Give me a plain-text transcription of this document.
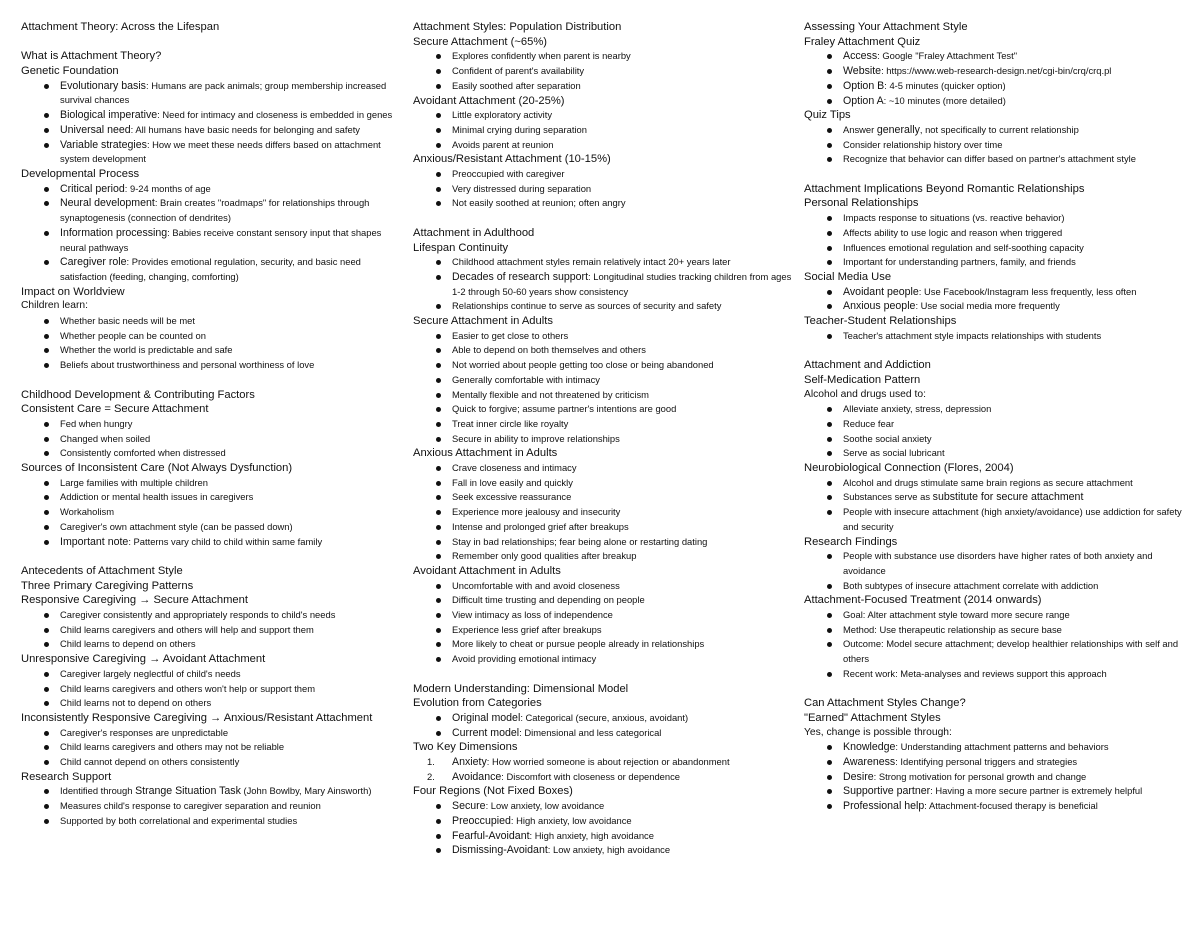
Attachment Theory: Across the Lifespan
What is Attachment Theory?
Genetic Foundation
Evolutionary basis: Humans are pack animals; group membership increased survival chances
Biological imperative: Need for intimacy and closeness is embedded in genes
Universal need: All humans have basic needs for belonging and safety
Variable strategies: How we meet these needs differs based on attachment system development
Developmental Process
Critical period: 9-24 months of age
Neural development: Brain creates "roadmaps" for relationships through synaptogenesis (connection of dendrites)
Information processing: Babies receive constant sensory input that shapes neural pathways
Caregiver role: Provides emotional regulation, security, and basic need satisfaction (feeding, changing, comforting)
Impact on Worldview
Children learn:
Whether basic needs will be met
Whether people can be counted on
Whether the world is predictable and safe
Beliefs about trustworthiness and personal worthiness of love
Childhood Development & Contributing Factors
Consistent Care = Secure Attachment
Fed when hungry
Changed when soiled
Consistently comforted when distressed
Sources of Inconsistent Care (Not Always Dysfunction)
Large families with multiple children
Addiction or mental health issues in caregivers
Workaholism
Caregiver's own attachment style (can be passed down)
Important note: Patterns vary child to child within same family
Antecedents of Attachment Style
Three Primary Caregiving Patterns
Responsive Caregiving → Secure Attachment
Caregiver consistently and appropriately responds to child's needs
Child learns caregivers and others will help and support them
Child learns to depend on others
Unresponsive Caregiving → Avoidant Attachment
Caregiver largely neglectful of child's needs
Child learns caregivers and others won't help or support them
Child learns not to depend on others
Inconsistently Responsive Caregiving → Anxious/Resistant Attachment
Caregiver's responses are unpredictable
Child learns caregivers and others may not be reliable
Child cannot depend on others consistently
Research Support
Identified through Strange Situation Task (John Bowlby, Mary Ainsworth)
Measures child's response to caregiver separation and reunion
Supported by both correlational and experimental studies
Attachment Styles: Population Distribution
Secure Attachment (~65%)
Explores confidently when parent is nearby
Confident of parent's availability
Easily soothed after separation
Avoidant Attachment (20-25%)
Little exploratory activity
Minimal crying during separation
Avoids parent at reunion
Anxious/Resistant Attachment (10-15%)
Preoccupied with caregiver
Very distressed during separation
Not easily soothed at reunion; often angry
Attachment in Adulthood
Lifespan Continuity
Childhood attachment styles remain relatively intact 20+ years later
Decades of research support: Longitudinal studies tracking children from ages 1-2 through 50-60 years show consistency
Relationships continue to serve as sources of security and safety
Secure Attachment in Adults
Easier to get close to others
Able to depend on both themselves and others
Not worried about people getting too close or being abandoned
Generally comfortable with intimacy
Mentally flexible and not threatened by criticism
Quick to forgive; assume partner's intentions are good
Treat inner circle like royalty
Secure in ability to improve relationships
Anxious Attachment in Adults
Crave closeness and intimacy
Fall in love easily and quickly
Seek excessive reassurance
Experience more jealousy and insecurity
Intense and prolonged grief after breakups
Stay in bad relationships; fear being alone or restarting dating
Remember only good qualities after breakup
Avoidant Attachment in Adults
Uncomfortable with and avoid closeness
Difficult time trusting and depending on people
View intimacy as loss of independence
Experience less grief after breakups
More likely to cheat or pursue people already in relationships
Avoid providing emotional intimacy
Modern Understanding: Dimensional Model
Evolution from Categories
Original model: Categorical (secure, anxious, avoidant)
Current model: Dimensional and less categorical
Two Key Dimensions
1. Anxiety: How worried someone is about rejection or abandonment
2. Avoidance: Discomfort with closeness or dependence
Four Regions (Not Fixed Boxes)
Secure: Low anxiety, low avoidance
Preoccupied: High anxiety, low avoidance
Fearful-Avoidant: High anxiety, high avoidance
Dismissing-Avoidant: Low anxiety, high avoidance
Assessing Your Attachment Style
Fraley Attachment Quiz
Access: Google "Fraley Attachment Test"
Website: https://www.web-research-design.net/cgi-bin/crq/crq.pl
Option B: 4-5 minutes (quicker option)
Option A: ~10 minutes (more detailed)
Quiz Tips
Answer generally, not specifically to current relationship
Consider relationship history over time
Recognize that behavior can differ based on partner's attachment style
Attachment Implications Beyond Romantic Relationships
Personal Relationships
Impacts response to situations (vs. reactive behavior)
Affects ability to use logic and reason when triggered
Influences emotional regulation and self-soothing capacity
Important for understanding partners, family, and friends
Social Media Use
Avoidant people: Use Facebook/Instagram less frequently, less often
Anxious people: Use social media more frequently
Teacher-Student Relationships
Teacher's attachment style impacts relationships with students
Attachment and Addiction
Self-Medication Pattern
Alcohol and drugs used to:
Alleviate anxiety, stress, depression
Reduce fear
Soothe social anxiety
Serve as social lubricant
Neurobiological Connection (Flores, 2004)
Alcohol and drugs stimulate same brain regions as secure attachment
Substances serve as substitute for secure attachment
People with insecure attachment (high anxiety/avoidance) use addiction for safety and security
Research Findings
People with substance use disorders have higher rates of both anxiety and avoidance
Both subtypes of insecure attachment correlate with addiction
Attachment-Focused Treatment (2014 onwards)
Goal: Alter attachment style toward more secure range
Method: Use therapeutic relationship as secure base
Outcome: Model secure attachment; develop healthier relationships with self and others
Recent work: Meta-analyses and reviews support this approach
Can Attachment Styles Change?
"Earned" Attachment Styles
Yes, change is possible through:
Knowledge: Understanding attachment patterns and behaviors
Awareness: Identifying personal triggers and strategies
Desire: Strong motivation for personal growth and change
Supportive partner: Having a more secure partner is extremely helpful
Professional help: Attachment-focused therapy is beneficial
